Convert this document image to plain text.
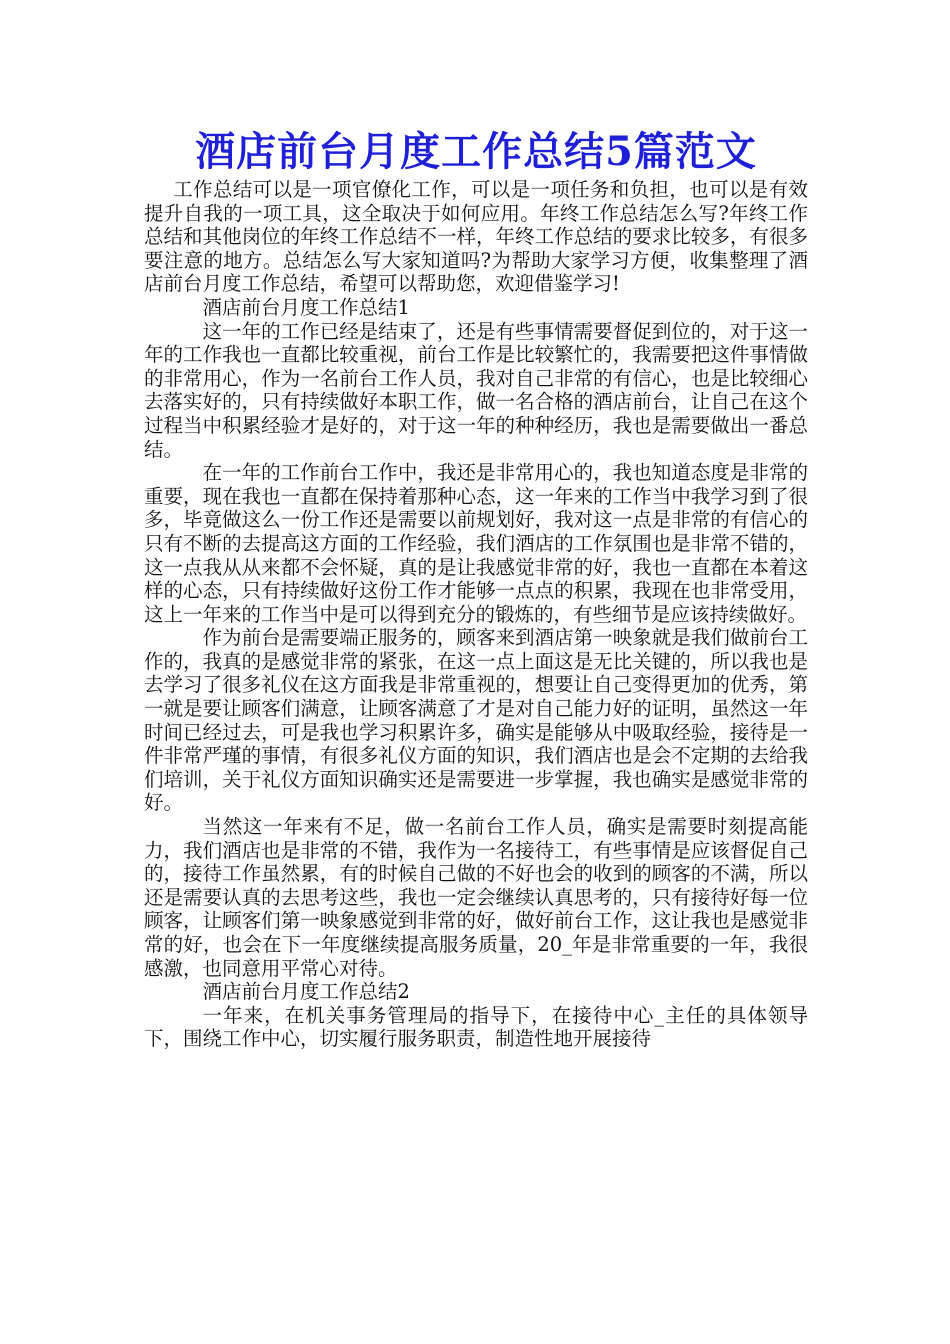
酒店前台月度工作总结5篇范文

工作总结可以是一项官僚化工作，可以是一项任务和负担，也可以是有效提升自我的一项工具，这全取决于如何应用。年终工作总结怎么写?年终工作总结和其他岗位的年终工作总结不一样，年终工作总结的要求比较多，有很多要注意的地方。总结怎么写大家知道吗?为帮助大家学习方便，收集整理了酒店前台月度工作总结，希望可以帮助您，欢迎借鉴学习!

酒店前台月度工作总结1

这一年的工作已经是结束了，还是有些事情需要督促到位的，对于这一年的工作我也一直都比较重视，前台工作是比较繁忙的，我需要把这件事情做的非常用心，作为一名前台工作人员，我对自己非常的有信心，也是比较细心去落实好的，只有持续做好本职工作，做一名合格的酒店前台，让自己在这个过程当中积累经验才是好的，对于这一年的种种经历，我也是需要做出一番总结。

在一年的工作前台工作中，我还是非常用心的，我也知道态度是非常的重要，现在我也一直都在保持着那种心态，这一年来的工作当中我学习到了很多，毕竟做这么一份工作还是需要以前规划好，我对这一点是非常的有信心的只有不断的去提高这方面的工作经验，我们酒店的工作氛围也是非常不错的，这一点我从从来都不会怀疑，真的是让我感觉非常的好，我也一直都在本着这样的心态，只有持续做好这份工作才能够一点点的积累，我现在也非常受用，这上一年来的工作当中是可以得到充分的锻炼的，有些细节是应该持续做好。

作为前台是需要端正服务的，顾客来到酒店第一映象就是我们做前台工作的，我真的是感觉非常的紧张，在这一点上面这是无比关键的，所以我也是去学习了很多礼仪在这方面我是非常重视的，想要让自己变得更加的优秀，第一就是要让顾客们满意，让顾客满意了才是对自己能力好的证明，虽然这一年时间已经过去，可是我也学习积累许多，确实是能够从中吸取经验，接待是一件非常严瑾的事情，有很多礼仪方面的知识，我们酒店也是会不定期的去给我们培训，关于礼仪方面知识确实还是需要进一步掌握，我也确实是感觉非常的好。

当然这一年来有不足，做一名前台工作人员，确实是需要时刻提高能力，我们酒店也是非常的不错，我作为一名接待工，有些事情是应该督促自己的，接待工作虽然累，有的时候自己做的不好也会的收到的顾客的不满，所以还是需要认真的去思考这些，我也一定会继续认真思考的，只有接待好每一位顾客，让顾客们第一映象感觉到非常的好，做好前台工作，这让我也是感觉非常的好，也会在下一年度继续提高服务质量，20_年是非常重要的一年，我很感激，也同意用平常心对待。

酒店前台月度工作总结2

一年来，在机关事务管理局的指导下，在接待中心_主任的具体领导下，围绕工作中心，切实履行服务职责，制造性地开展接待
